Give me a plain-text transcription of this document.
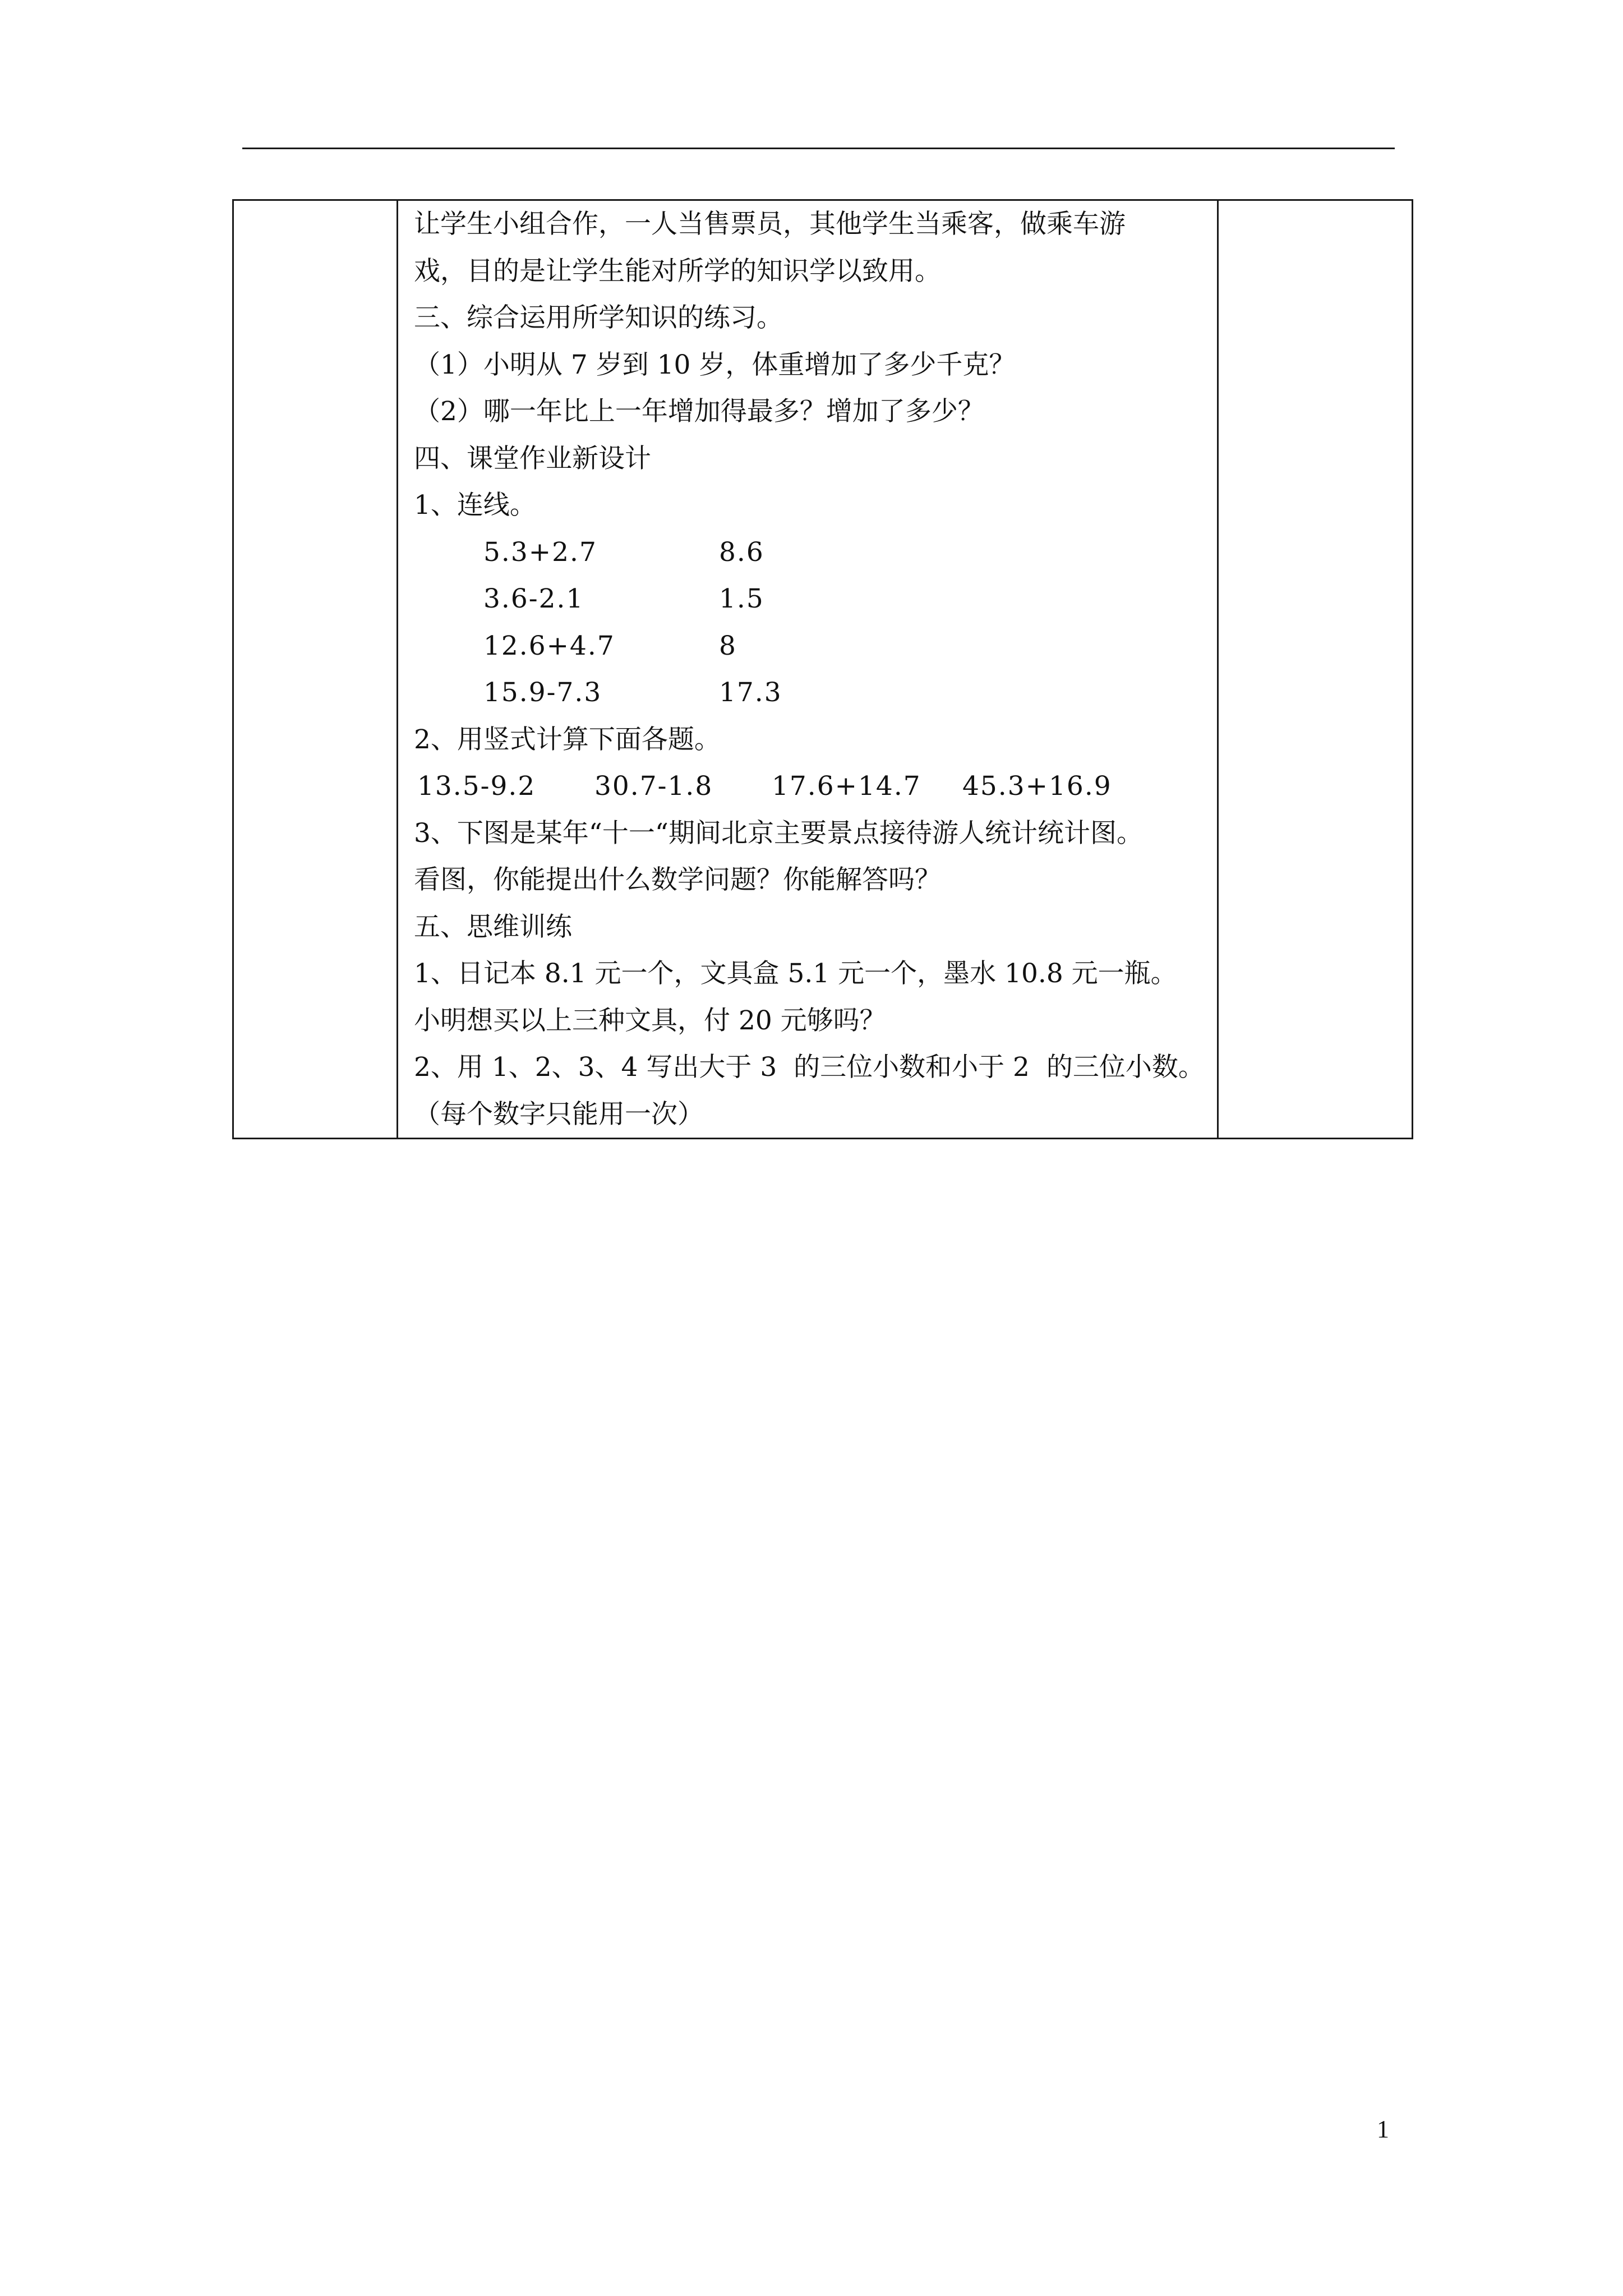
让学生小组合作，一人当售票员，其他学生当乘客，做乘车游
戏，目的是让学生能对所学的知识学以致用。
三、综合运用所学知识的练习。
（1）小明从 7 岁到 10 岁，体重增加了多少千克？
（2）哪一年比上一年增加得最多？增加了多少？
四、课堂作业新设计
1、连线。
5.3+2.7	8.6
3.6-2.1	1.5
12.6+4.7	8
15.9-7.3	17.3
2、用竖式计算下面各题。
13.5-9.2	30.7-1.8	17.6+14.7	45.3+16.9
3、下图是某年“十一“期间北京主要景点接待游人统计统计图。
看图，你能提出什么数学问题？你能解答吗？
五、思维训练
1、日记本 8.1 元一个，文具盒 5.1 元一个，墨水 10.8 元一瓶。
小明想买以上三种文具，付 20 元够吗？
2、用 1、2、3、4 写出大于 3  的三位小数和小于 2  的三位小数。
（每个数字只能用一次）

1
